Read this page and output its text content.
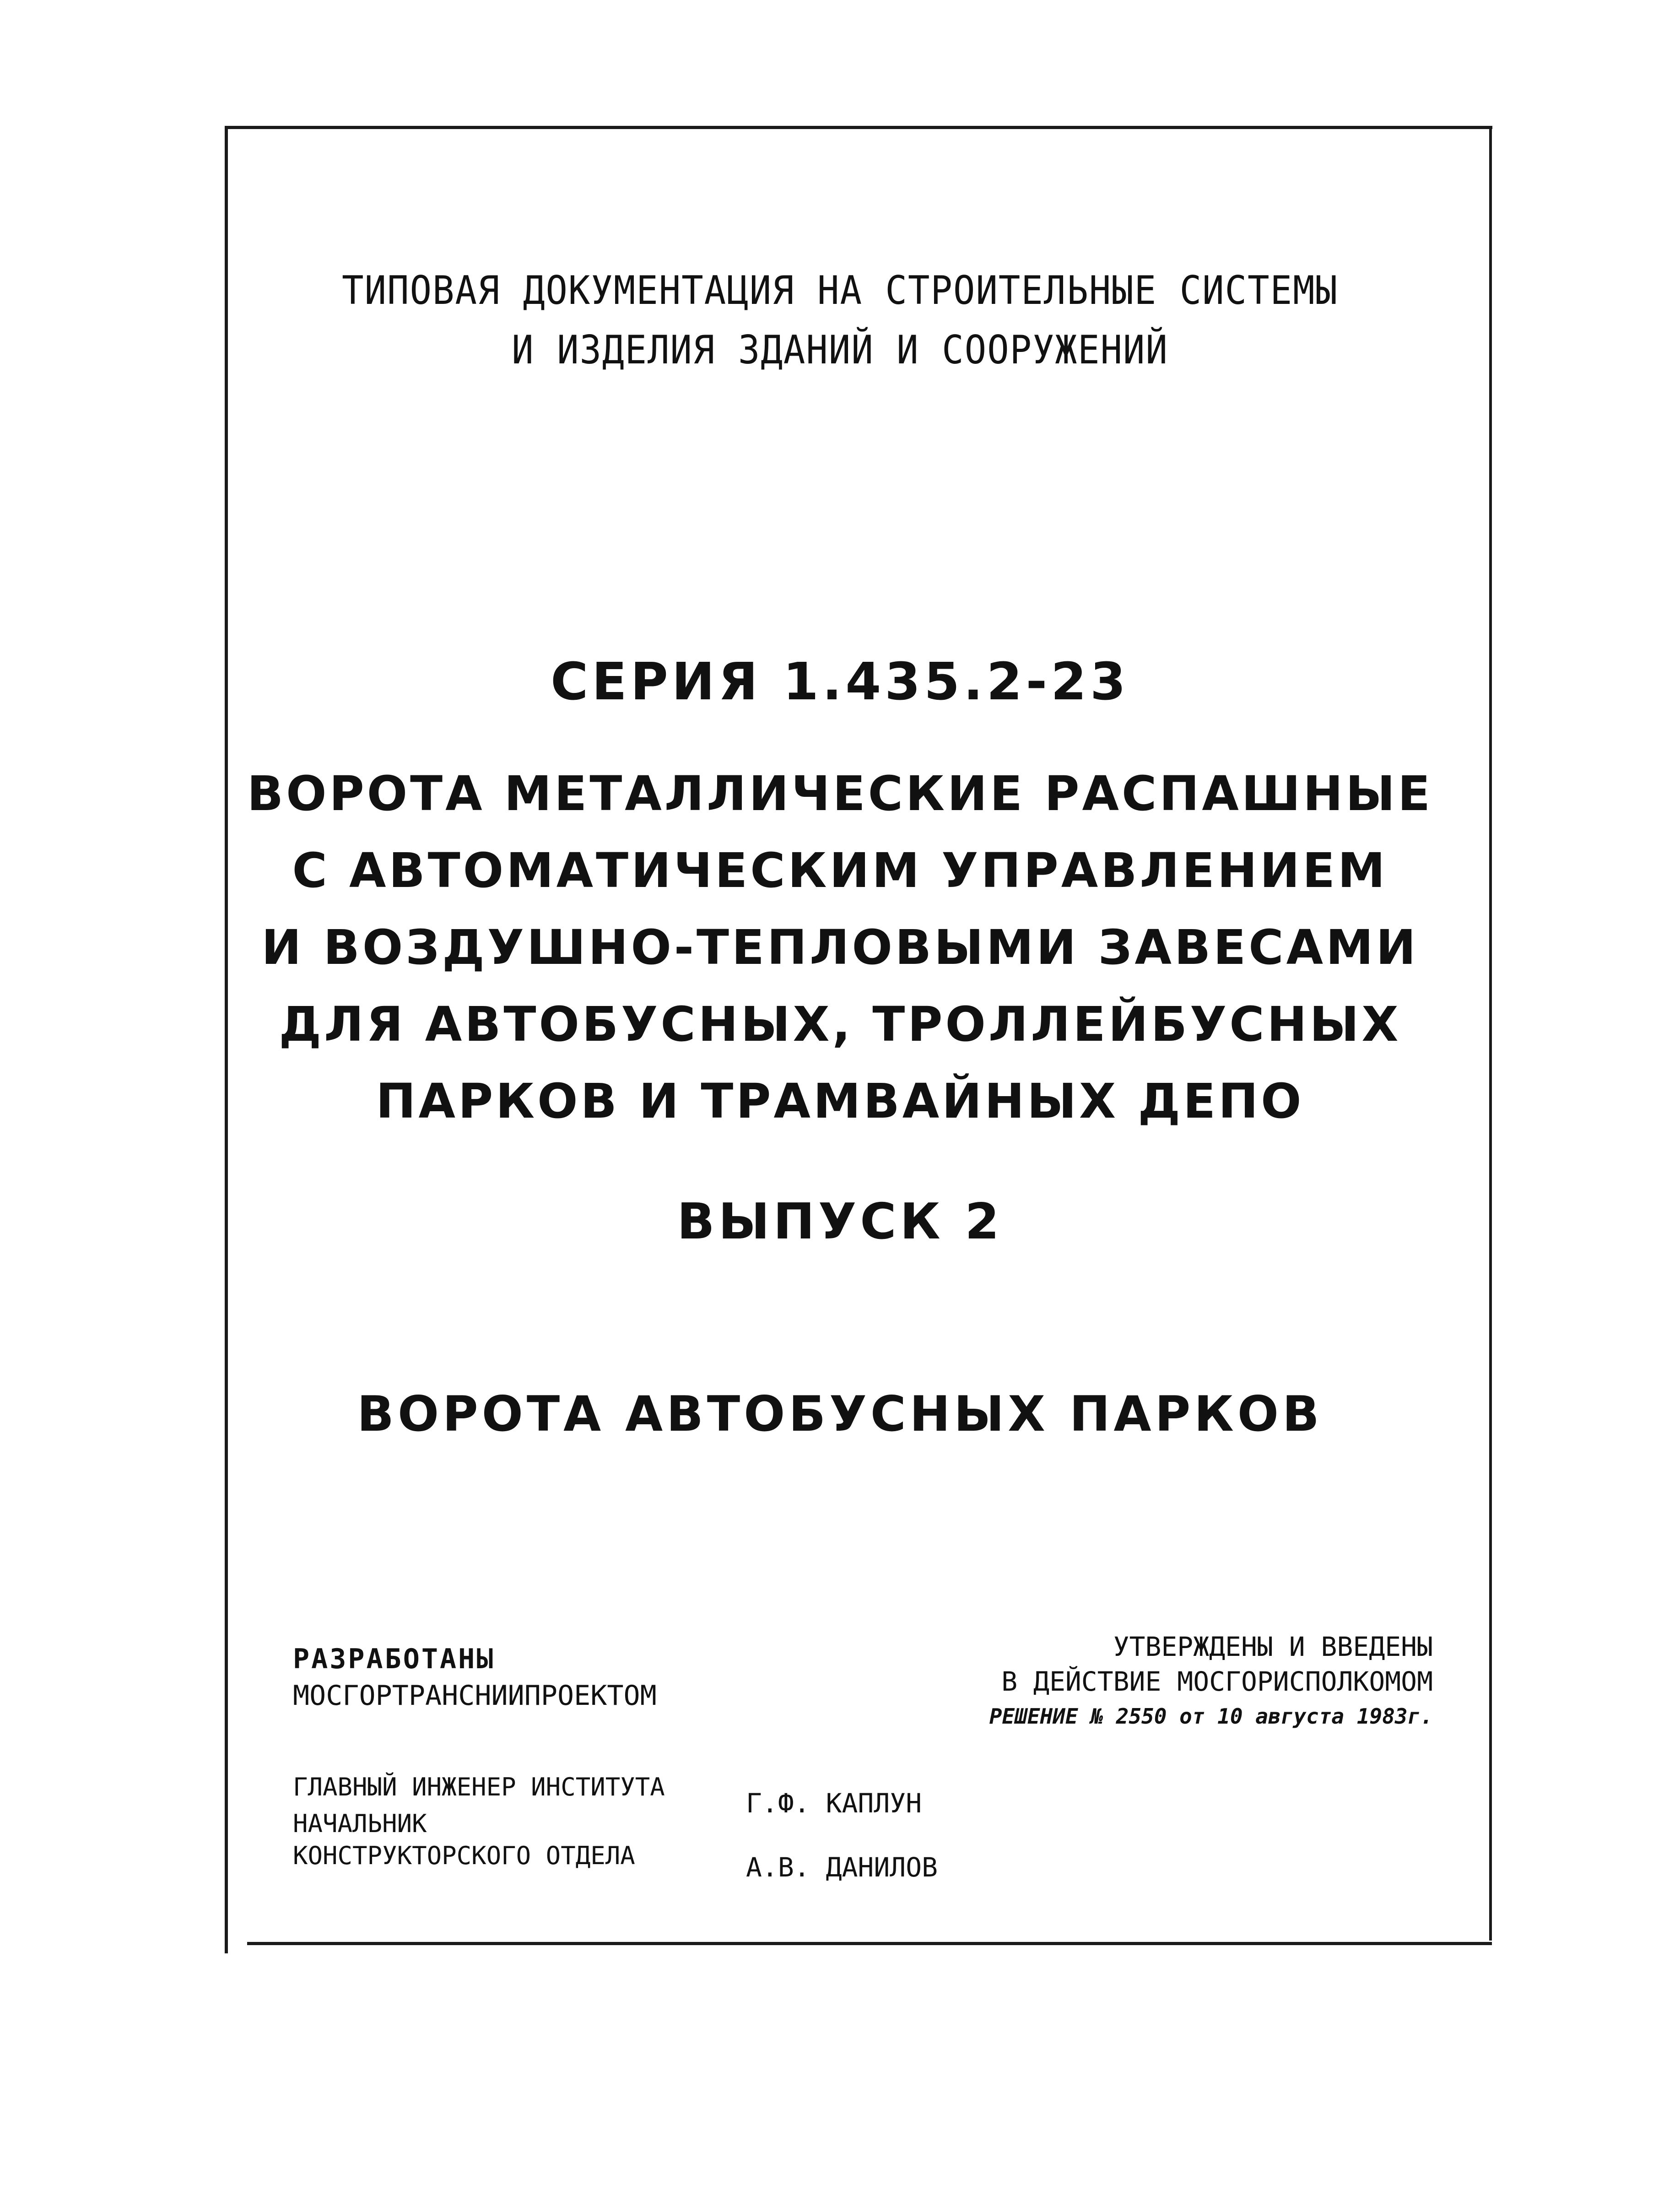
ТИПОВАЯ ДОКУМЕНТАЦИЯ НА СТРОИТЕЛЬНЫЕ СИСТЕМЫ
И ИЗДЕЛИЯ ЗДАНИЙ И СООРУЖЕНИЙ
СЕРИЯ 1.435.2-23
ВОРОТА МЕТАЛЛИЧЕСКИЕ РАСПАШНЫЕ
С АВТОМАТИЧЕСКИМ УПРАВЛЕНИЕМ
И ВОЗДУШНО-ТЕПЛОВЫМИ ЗАВЕСАМИ
ДЛЯ АВТОБУСНЫХ, ТРОЛЛЕЙБУСНЫХ
ПАРКОВ И ТРАМВАЙНЫХ ДЕПО
ВЫПУСК 2
ВОРОТА АВТОБУСНЫХ ПАРКОВ
РАЗРАБОТАНЫ
МОСГОРТРАНСНИИПРОЕКТОМ
УТВЕРЖДЕНЫ И ВВЕДЕНЫ
В ДЕЙСТВИЕ МОСГОРИСПОЛКОМОМ
РЕШЕНИЕ № 2550 от 10 августа 1983г.
ГЛАВНЫЙ ИНЖЕНЕР ИНСТИТУТА
НАЧАЛЬНИК
КОНСТРУКТОРСКОГО ОТДЕЛА
Г.Ф. КАПЛУН
А.В. ДАНИЛОВ
